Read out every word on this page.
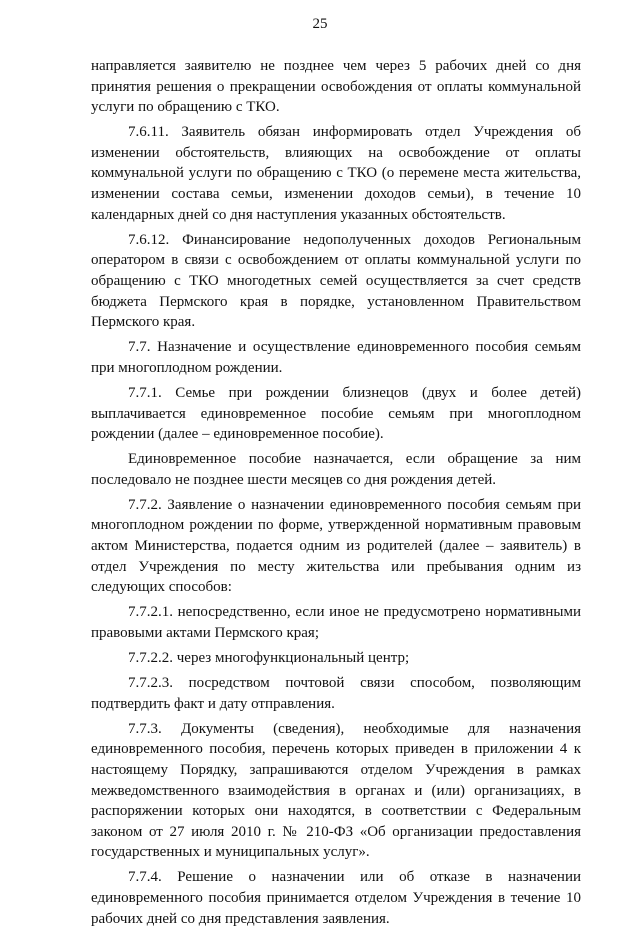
25

направляется заявителю не позднее чем через 5 рабочих дней со дня принятия решения о прекращении освобождения от оплаты коммунальной услуги по обращению с ТКО.

7.6.11. Заявитель обязан информировать отдел Учреждения об изменении обстоятельств, влияющих на освобождение от оплаты коммунальной услуги по обращению с ТКО (о перемене места жительства, изменении состава семьи, изменении доходов семьи), в течение 10 календарных дней со дня наступления указанных обстоятельств.

7.6.12. Финансирование недополученных доходов Региональным оператором в связи с освобождением от оплаты коммунальной услуги по обращению с ТКО многодетных семей осуществляется за счет средств бюджета Пермского края в порядке, установленном Правительством Пермского края.

7.7. Назначение и осуществление единовременного пособия семьям при многоплодном рождении.

7.7.1. Семье при рождении близнецов (двух и более детей) выплачивается единовременное пособие семьям при многоплодном рождении (далее – единовременное пособие).

Единовременное пособие назначается, если обращение за ним последовало не позднее шести месяцев со дня рождения детей.

7.7.2. Заявление о назначении единовременного пособия семьям при многоплодном рождении по форме, утвержденной нормативным правовым актом Министерства, подается одним из родителей (далее – заявитель) в отдел Учреждения по месту жительства или пребывания одним из следующих способов:

7.7.2.1. непосредственно, если иное не предусмотрено нормативными правовыми актами Пермского края;

7.7.2.2. через многофункциональный центр;

7.7.2.3. посредством почтовой связи способом, позволяющим подтвердить факт и дату отправления.

7.7.3. Документы (сведения), необходимые для назначения единовременного пособия, перечень которых приведен в приложении 4 к настоящему Порядку, запрашиваются отделом Учреждения в рамках межведомственного взаимодействия в органах и (или) организациях, в распоряжении которых они находятся, в соответствии с Федеральным законом от 27 июля 2010 г. № 210-ФЗ «Об организации предоставления государственных и муниципальных услуг».

7.7.4. Решение о назначении или об отказе в назначении единовременного пособия принимается отделом Учреждения в течение 10 рабочих дней со дня представления заявления.
